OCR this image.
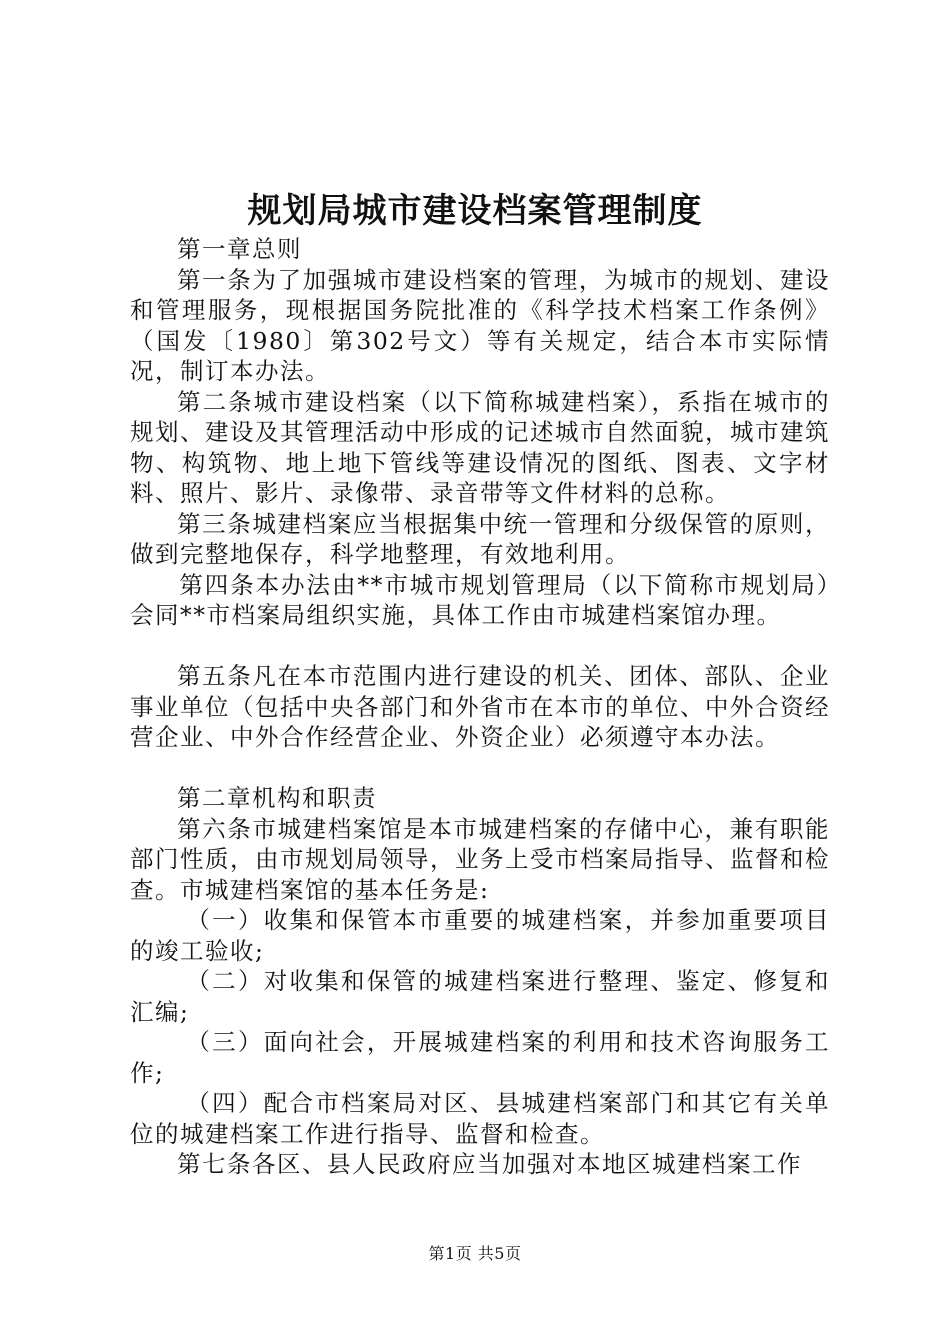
规划局城市建设档案管理制度

第一章总则

第一条为了加强城市建设档案的管理，为城市的规划、建设和管理服务，现根据国务院批准的《科学技术档案工作条例》（国发〔1980〕第302号文）等有关规定，结合本市实际情况，制订本办法。

第二条城市建设档案（以下简称城建档案），系指在城市的规划、建设及其管理活动中形成的记述城市自然面貌，城市建筑物、构筑物、地上地下管线等建设情况的图纸、图表、文字材料、照片、影片、录像带、录音带等文件材料的总称。

第三条城建档案应当根据集中统一管理和分级保管的原则，做到完整地保存，科学地整理，有效地利用。

第四条本办法由**市城市规划管理局（以下简称市规划局）会同**市档案局组织实施，具体工作由市城建档案馆办理。

第五条凡在本市范围内进行建设的机关、团体、部队、企业事业单位（包括中央各部门和外省市在本市的单位、中外合资经营企业、中外合作经营企业、外资企业）必须遵守本办法。

第二章机构和职责

第六条市城建档案馆是本市城建档案的存储中心，兼有职能部门性质，由市规划局领导，业务上受市档案局指导、监督和检查。市城建档案馆的基本任务是:

（一）收集和保管本市重要的城建档案，并参加重要项目的竣工验收;

（二）对收集和保管的城建档案进行整理、鉴定、修复和汇编;

（三）面向社会，开展城建档案的利用和技术咨询服务工作;

（四）配合市档案局对区、县城建档案部门和其它有关单位的城建档案工作进行指导、监督和检查。

第七条各区、县人民政府应当加强对本地区城建档案工作

第1页 共5页
